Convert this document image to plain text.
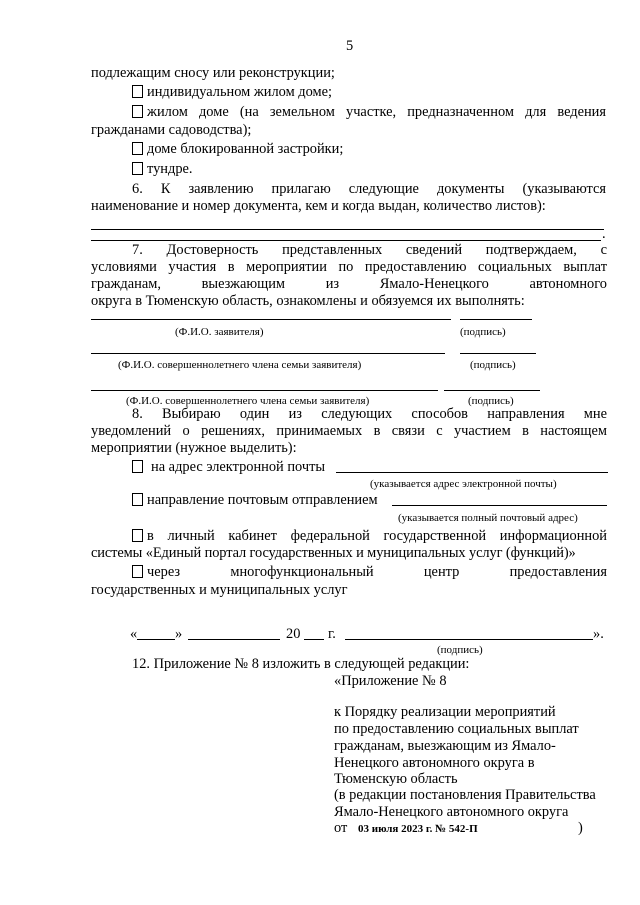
5
подлежащим сносу или реконструкции;
индивидуальном жилом доме;
жилом доме (на земельном участке, предназначенном для ведения
гражданами садоводства);
доме блокированной застройки;
тундре.
6. К заявлению прилагаю следующие документы (указываются
наименование и номер документа, кем и когда выдан, количество листов):
.
7. Достоверность представленных сведений подтверждаем, с
условиями участия в мероприятии по предоставлению социальных выплат
гражданам, выезжающим из Ямало-Ненецкого автономного
округа в Тюменскую область, ознакомлены и обязуемся их выполнять:
(Ф.И.О. заявителя)	(подпись)
(Ф.И.О. совершеннолетнего члена семьи заявителя)	(подпись)
(Ф.И.О. совершеннолетнего члена семьи заявителя)	(подпись)
8. Выбираю один из следующих способов направления мне
уведомлений о решениях, принимаемых в связи с участием в настоящем
мероприятии (нужное выделить):
на адрес электронной почты
(указывается адрес электронной почты)
направление почтовым отправлением
(указывается полный почтовый адрес)
в личный кабинет федеральной государственной информационной
системы «Единый портал государственных и муниципальных услуг (функций)»
через многофункциональный центр предоставления
государственных и муниципальных услуг
«	»	20 г.	».
(подпись)
12. Приложение № 8 изложить в следующей редакции:
«Приложение № 8
к Порядку реализации мероприятий
по предоставлению социальных выплат
гражданам, выезжающим из Ямало-
Ненецкого автономного округа в
Тюменскую область
(в редакции постановления Правительства
Ямало-Ненецкого автономного округа
от 03 июля 2023 г. № 542-П	)
